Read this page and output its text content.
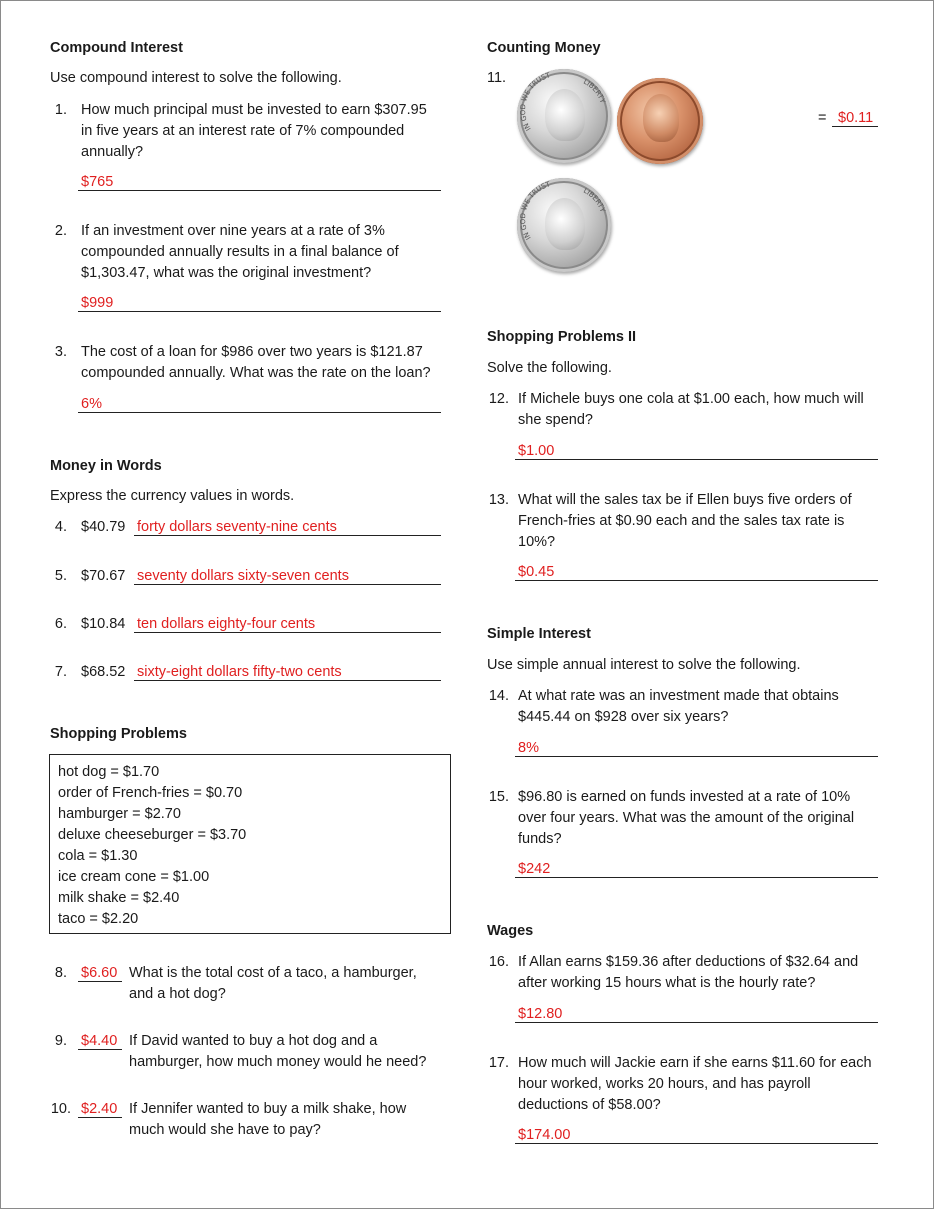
Compound Interest
Use compound interest to solve the following.
1. How much principal must be invested to earn $307.95
in five years at an interest rate of 7% compounded
annually?
$765
2. If an investment over nine years at a rate of 3%
compounded annually results in a final balance of
$1,303.47, what was the original investment?
$999
3. The cost of a loan for $986 over two years is $121.87
compounded annually. What was the rate on the loan?
6%
Money in Words
Express the currency values in words.
4. $40.79 forty dollars seventy-nine cents
5. $70.67 seventy dollars sixty-seven cents
6. $10.84 ten dollars eighty-four cents
7. $68.52 sixty-eight dollars fifty-two cents
Shopping Problems
hot dog = $1.70
order of French-fries = $0.70
hamburger = $2.70
deluxe cheeseburger = $3.70
cola = $1.30
ice cream cone = $1.00
milk shake = $2.40
taco = $2.20
8. $6.60 What is the total cost of a taco, a hamburger,
and a hot dog?
9. $4.40 If David wanted to buy a hot dog and a
hamburger, how much money would he need?
10. $2.40 If Jennifer wanted to buy a milk shake, how
much would she have to pay?
Counting Money
11.
IN GOD WE TRUST
LIBERTY
IN GOD WE TRUST
LIBERTY
= $0.11
Shopping Problems II
Solve the following.
12. If Michele buys one cola at $1.00 each, how much will
she spend?
$1.00
13. What will the sales tax be if Ellen buys five orders of
French-fries at $0.90 each and the sales tax rate is
10%?
$0.45
Simple Interest
Use simple annual interest to solve the following.
14. At what rate was an investment made that obtains
$445.44 on $928 over six years?
8%
15. $96.80 is earned on funds invested at a rate of 10%
over four years. What was the amount of the original
funds?
$242
Wages
16. If Allan earns $159.36 after deductions of $32.64 and
after working 15 hours what is the hourly rate?
$12.80
17. How much will Jackie earn if she earns $11.60 for each
hour worked, works 20 hours, and has payroll
deductions of $58.00?
$174.00
